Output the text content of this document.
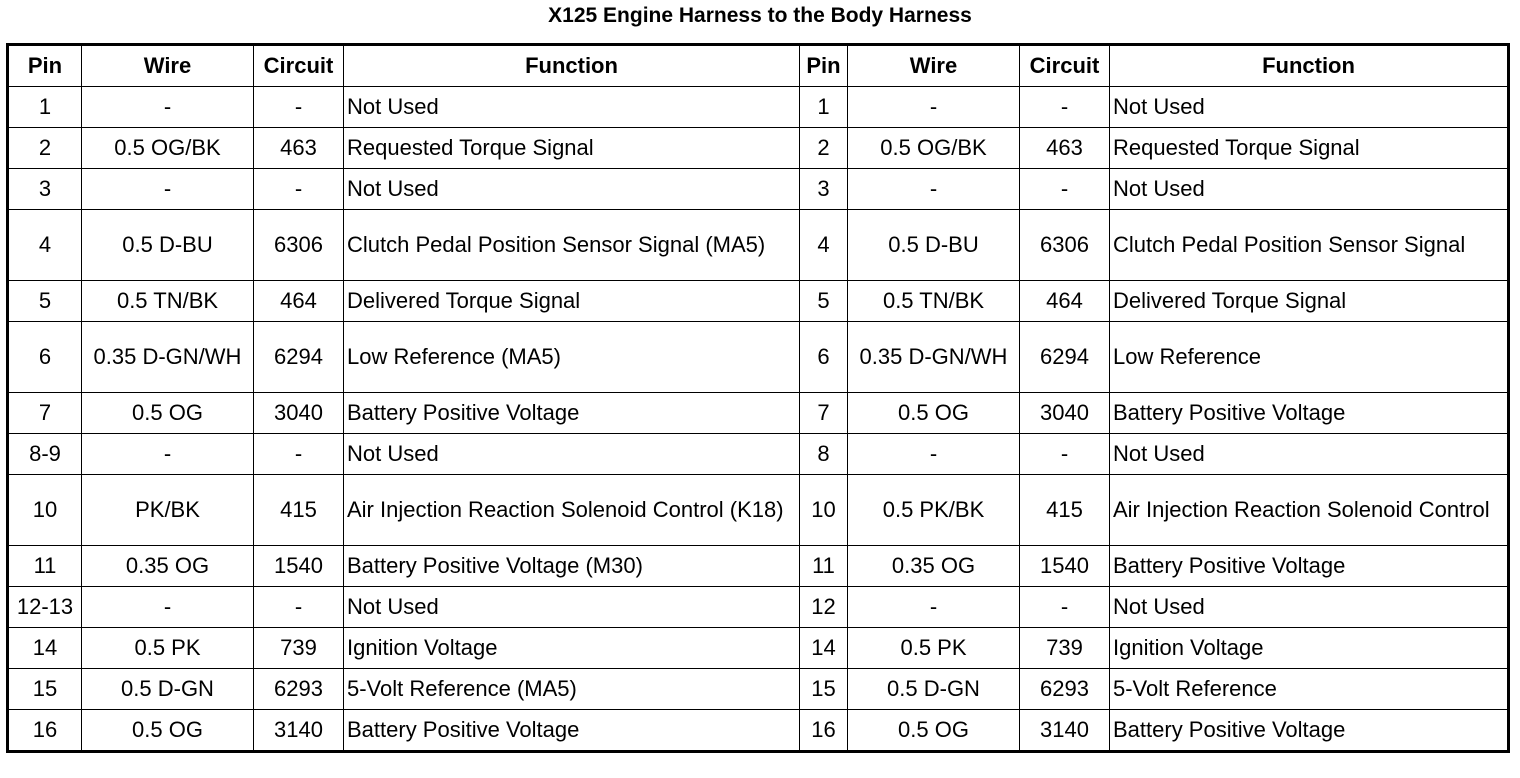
X125 Engine Harness to the Body Harness
Pin	Wire	Circuit	Function	Pin	Wire	Circuit	Function
1	-	-	Not Used	1	-	-	Not Used
2	0.5 OG/BK	463	Requested Torque Signal	2	0.5 OG/BK	463	Requested Torque Signal
3	-	-	Not Used	3	-	-	Not Used
4	0.5 D-BU	6306	Clutch Pedal Position Sensor Signal (MA5)	4	0.5 D-BU	6306	Clutch Pedal Position Sensor Signal
5	0.5 TN/BK	464	Delivered Torque Signal	5	0.5 TN/BK	464	Delivered Torque Signal
6	0.35 D-GN/WH	6294	Low Reference (MA5)	6	0.35 D-GN/WH	6294	Low Reference
7	0.5 OG	3040	Battery Positive Voltage	7	0.5 OG	3040	Battery Positive Voltage
8-9	-	-	Not Used	8	-	-	Not Used
10	PK/BK	415	Air Injection Reaction Solenoid Control (K18)	10	0.5 PK/BK	415	Air Injection Reaction Solenoid Control
11	0.35 OG	1540	Battery Positive Voltage (M30)	11	0.35 OG	1540	Battery Positive Voltage
12-13	-	-	Not Used	12	-	-	Not Used
14	0.5 PK	739	Ignition Voltage	14	0.5 PK	739	Ignition Voltage
15	0.5 D-GN	6293	5-Volt Reference (MA5)	15	0.5 D-GN	6293	5-Volt Reference
16	0.5 OG	3140	Battery Positive Voltage	16	0.5 OG	3140	Battery Positive Voltage
